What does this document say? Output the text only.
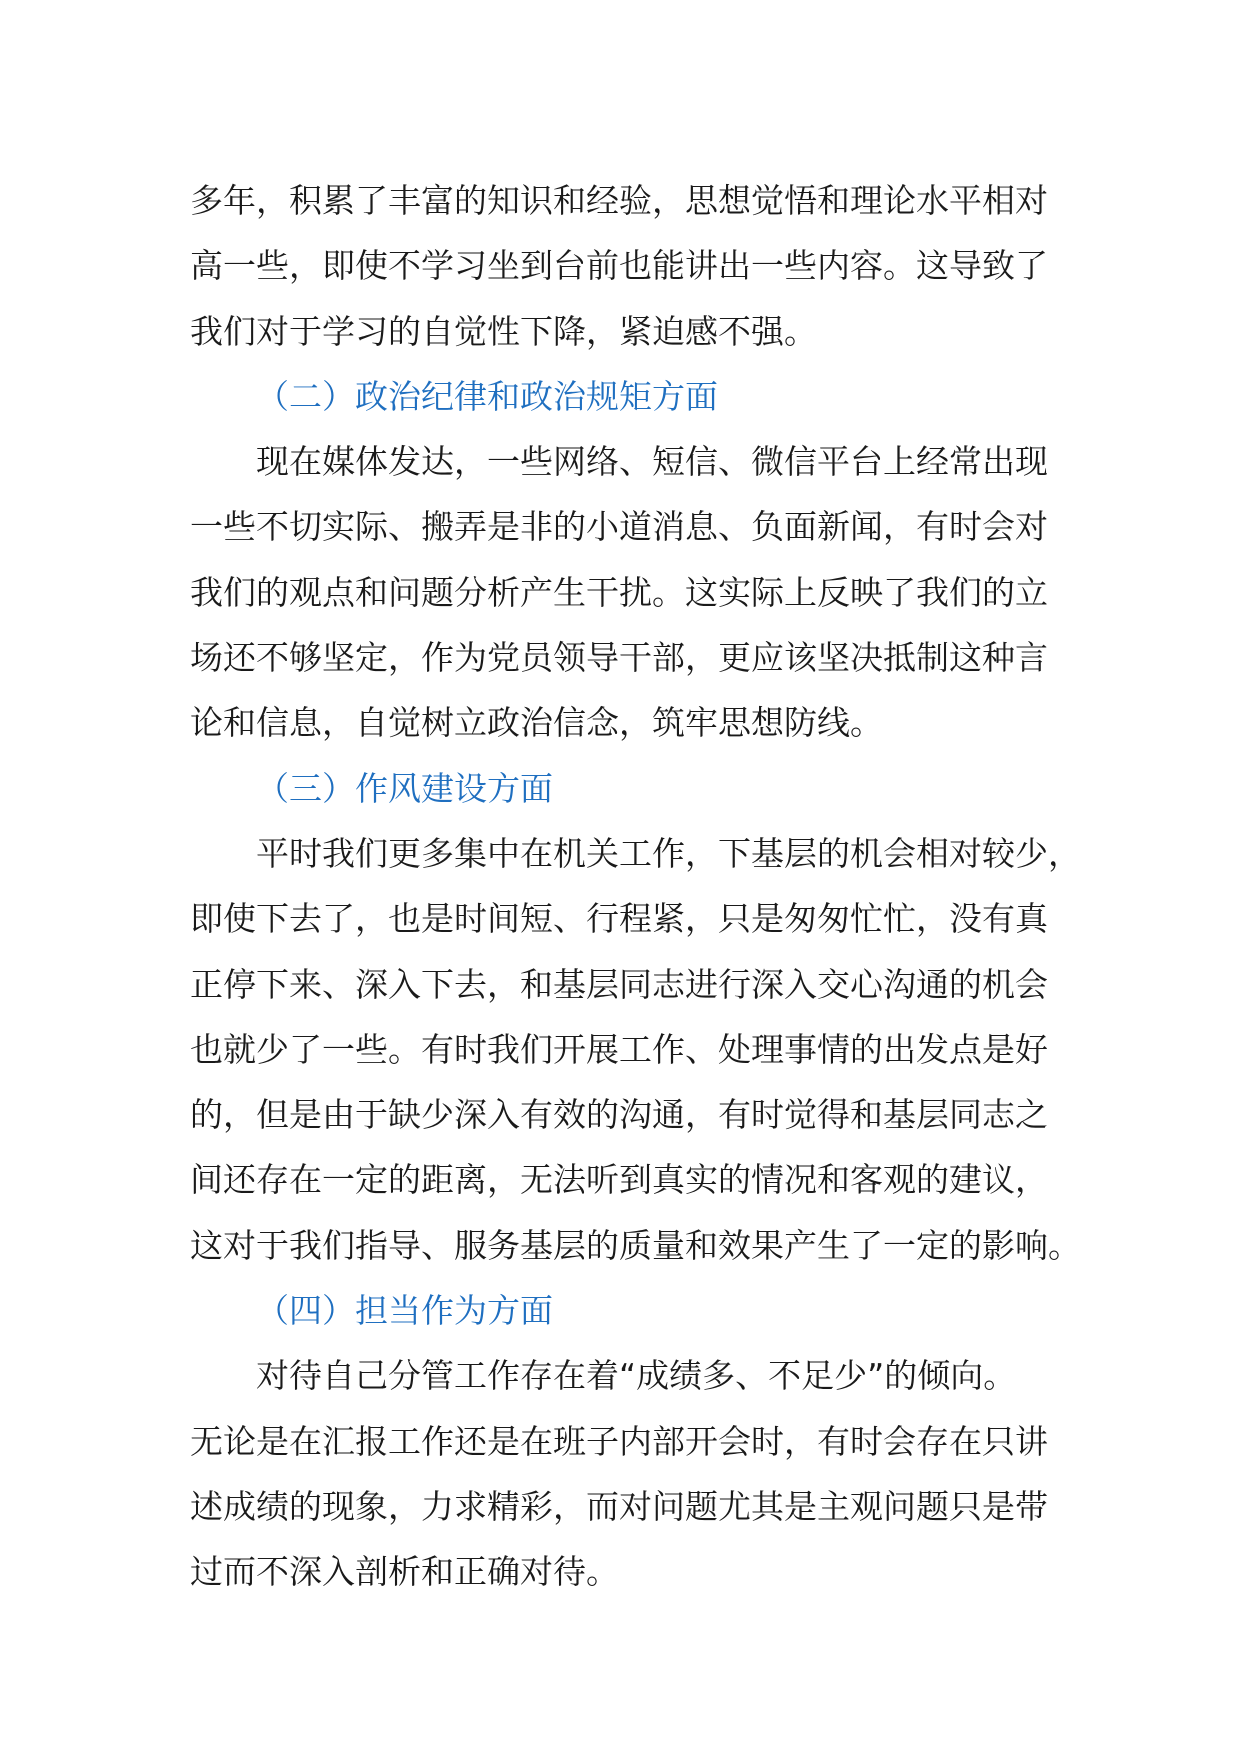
多年，积累了丰富的知识和经验，思想觉悟和理论水平相对
高一些，即使不学习坐到台前也能讲出一些内容。这导致了
我们对于学习的自觉性下降，紧迫感不强。
（二）政治纪律和政治规矩方面
现在媒体发达，一些网络、短信、微信平台上经常出现
一些不切实际、搬弄是非的小道消息、负面新闻，有时会对
我们的观点和问题分析产生干扰。这实际上反映了我们的立
场还不够坚定，作为党员领导干部，更应该坚决抵制这种言
论和信息，自觉树立政治信念，筑牢思想防线。
（三）作风建设方面
平时我们更多集中在机关工作，下基层的机会相对较少，
即使下去了，也是时间短、行程紧，只是匆匆忙忙，没有真
正停下来、深入下去，和基层同志进行深入交心沟通的机会
也就少了一些。有时我们开展工作、处理事情的出发点是好
的，但是由于缺少深入有效的沟通，有时觉得和基层同志之
间还存在一定的距离，无法听到真实的情况和客观的建议，
这对于我们指导、服务基层的质量和效果产生了一定的影响。
（四）担当作为方面
对待自己分管工作存在着“成绩多、不足少”的倾向。
无论是在汇报工作还是在班子内部开会时，有时会存在只讲
述成绩的现象，力求精彩，而对问题尤其是主观问题只是带
过而不深入剖析和正确对待。
